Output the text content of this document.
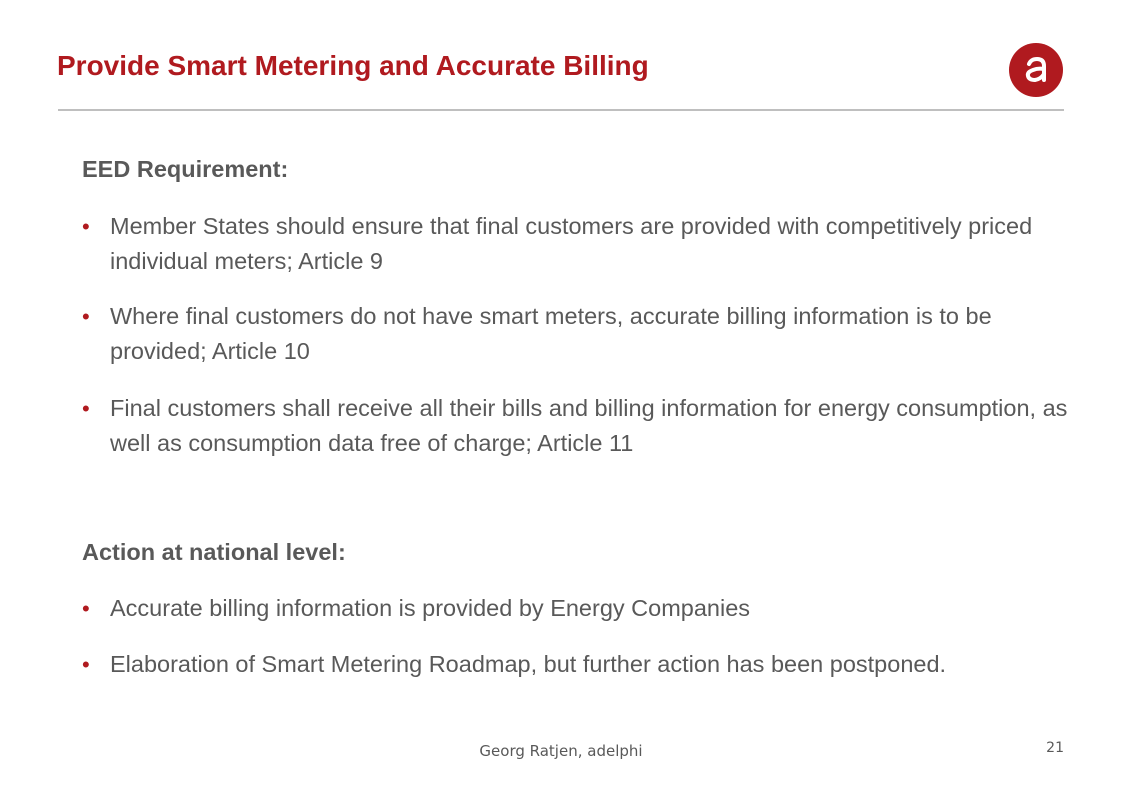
Provide Smart Metering and Accurate Billing
EED Requirement:
• Member States should ensure that final customers are provided with competitively priced individual meters; Article 9
• Where final customers do not have smart meters, accurate billing information is to be provided; Article 10
• Final customers shall receive all their bills and billing information for energy consumption, as well as consumption data free of charge; Article 11
Action at national level:
• Accurate billing information is provided by Energy Companies
• Elaboration of Smart Metering Roadmap, but further action has been postponed.
Georg Ratjen, adelphi	21
